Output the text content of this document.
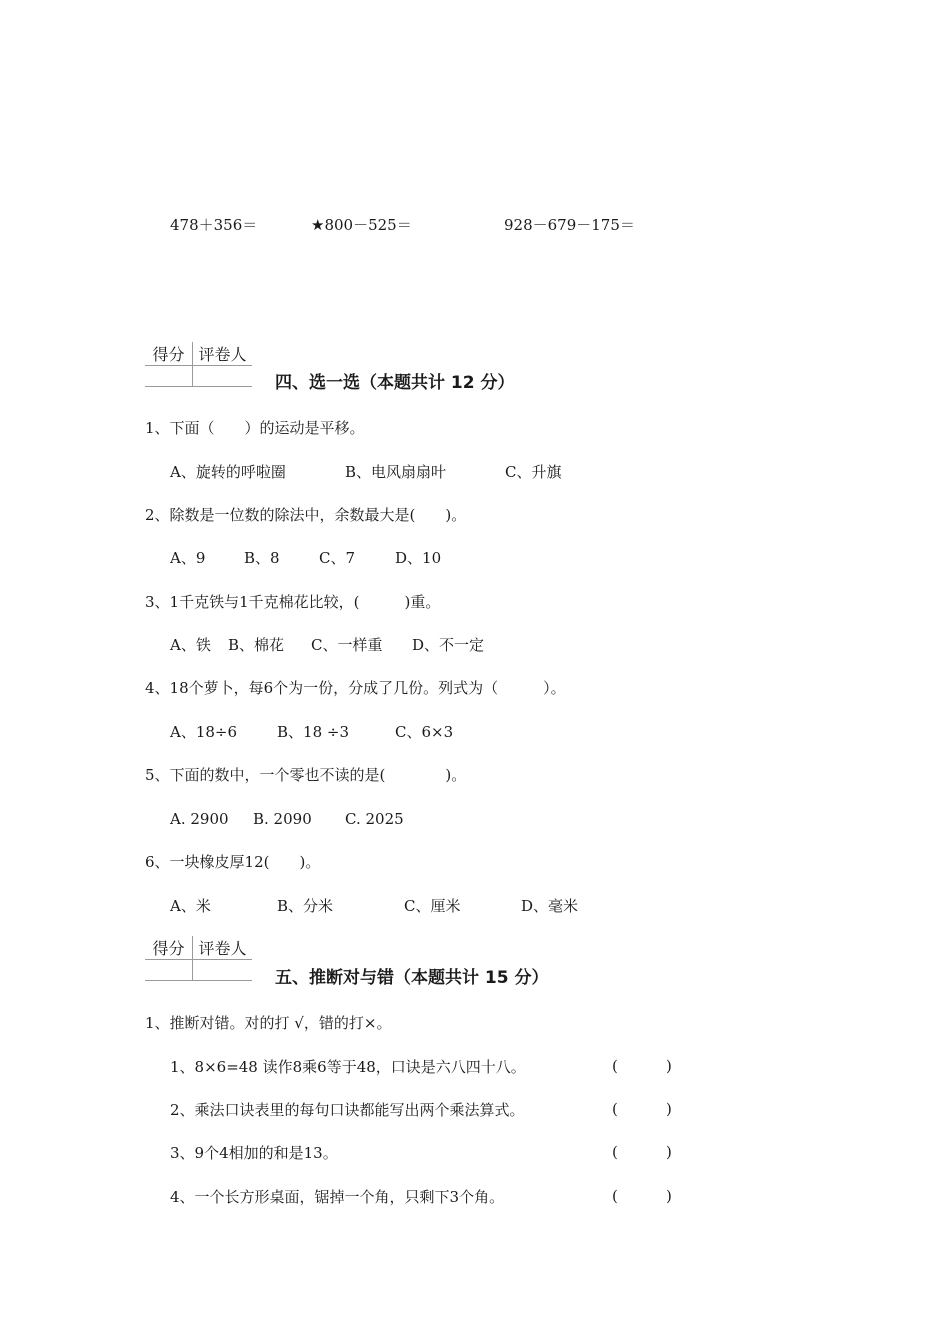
478＋356＝	★800－525＝	928－679－175＝
得分	评卷人

四、选一选（本题共计 12 分）
1、下面（　　）的运动是平移。
A、旋转的呼啦圈	B、电风扇扇叶	C、升旗
2、除数是一位数的除法中，余数最大是(　　)。
A、9	B、8	C、7	D、10
3、1千克铁与1千克棉花比较，(　　　)重。
A、铁 B、棉花 C、一样重 D、不一定
4、18个萝卜，每6个为一份，分成了几份。列式为（　　　）。
A、18÷6	B、18 ÷3	C、6×3
5、下面的数中，一个零也不读的是(　　　　)。
A. 2900 B. 2090 C. 2025
6、一块橡皮厚12(　　)。
A、米	B、分米	C、厘米	D、毫米
得分	评卷人

五、推断对与错（本题共计 15 分）
1、推断对错。对的打 √，错的打×。
1、8×6=48 读作8乘6等于48，口诀是六八四十八。	(	)
2、乘法口诀表里的每句口诀都能写出两个乘法算式。	(	)
3、9个4相加的和是13。	(	)
4、一个长方形桌面，锯掉一个角，只剩下3个角。	(	)
